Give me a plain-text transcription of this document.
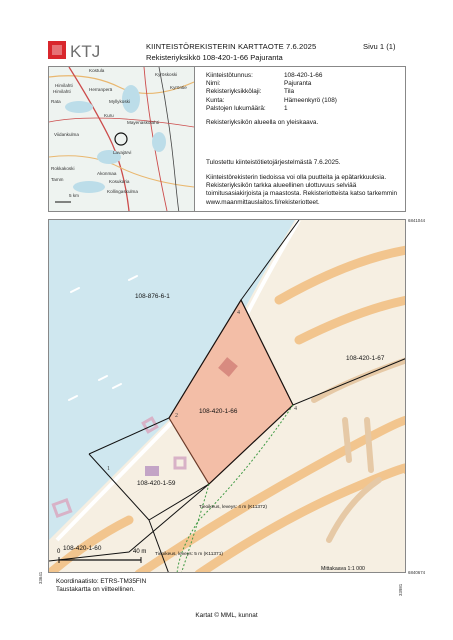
KTJ	KIINTEISTÖREKISTERIN KARTTAOTE 7.6.2025
Rekisteriyksikkö 108-420-1-66 Pajuranta
Sivu 1 (1)
Kostula
Hirvilahti
Kyröskoski
Hirvilahti	Herranperä
Myllykoski
Rata
Kyröntie
Kuru
Mayenaskolahti
Viidankulma
Lavajärvi
Rokkakoski
Akonmaa
Tamm	Kosukaria
Kollingaskulma
5 km
Kiinteistötunnus:	108-420-1-66
Nimi:	Pajuranta
Rekisteriyksikkölaji:	Tila
Kunta:	Hämeenkyrö (108)
Palstojen lukumäärä:	1
Rekisteriyksikön alueella on yleiskaava.
Tulostettu kiinteistötietojärjestelmästä 7.6.2025.
Kiinteistörekisterin tiedoissa voi olla puutteita ja epätarkkuuksia.
Rekisteriyksikön tarkka alueellinen ulottuvuus selviää
toimitusasiakirjoista ja maastosta. Rekisteriotteista katso tarkemmin
www.maanmittauslaitos.fi/rekisteriotteet.
6841044
6840674
33641
33981
108-876-6-1
108-420-1-66
108-420-1-67
108-420-1-59
108-420-1-60
Tieoikeus, leveys: 4 m (K11372)
Tieoikeus, leveys: 5 m (K11371)
Mittakaava 1:1 000
1
2
4
4
0	40 m
Koordinaatisto: ETRS-TM35FIN
Taustakartta on viitteellinen.
Kartat © MML, kunnat
